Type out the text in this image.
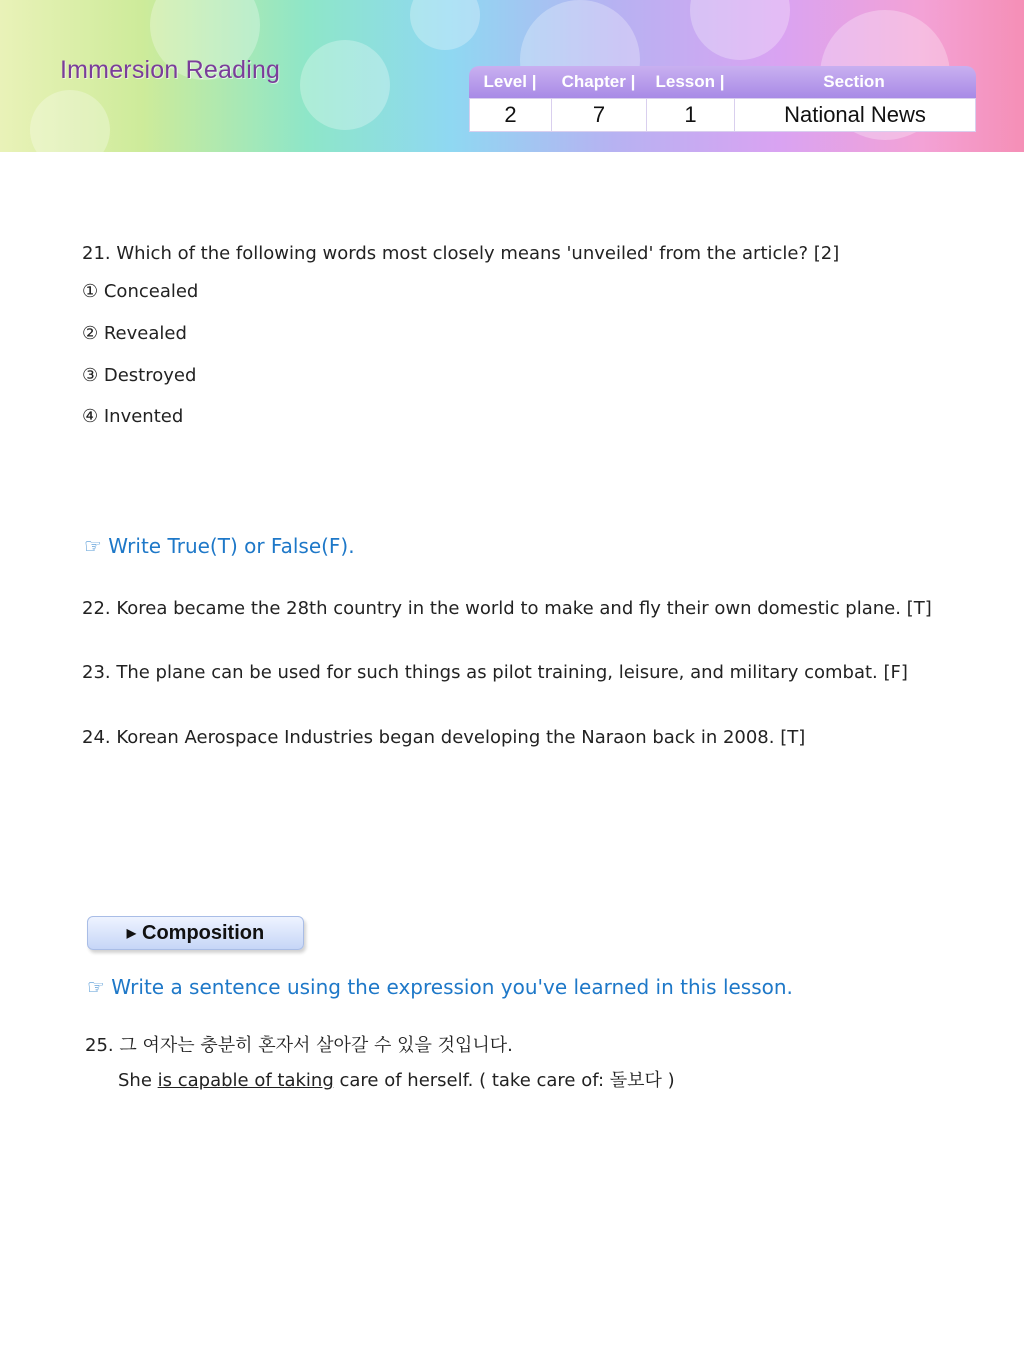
Immersion Reading	Level |	Chapter |	Lesson |	Section
2	7	1	National News
21. Which of the following words most closely means 'unveiled' from the article? [2]
① Concealed
② Revealed
③ Destroyed
④ Invented
☞ Write True(T) or False(F).
22. Korea became the 28th country in the world to make and fly their own domestic plane. [T]
23. The plane can be used for such things as pilot training, leisure, and military combat. [F]
24. Korean Aerospace Industries began developing the Naraon back in 2008. [T]
▶ Composition
☞ Write a sentence using the expression you've learned in this lesson.
25. 그 여자는 충분히 혼자서 살아갈 수 있을 것입니다.
She is capable of taking care of herself. ( take care of: 돌보다 )
